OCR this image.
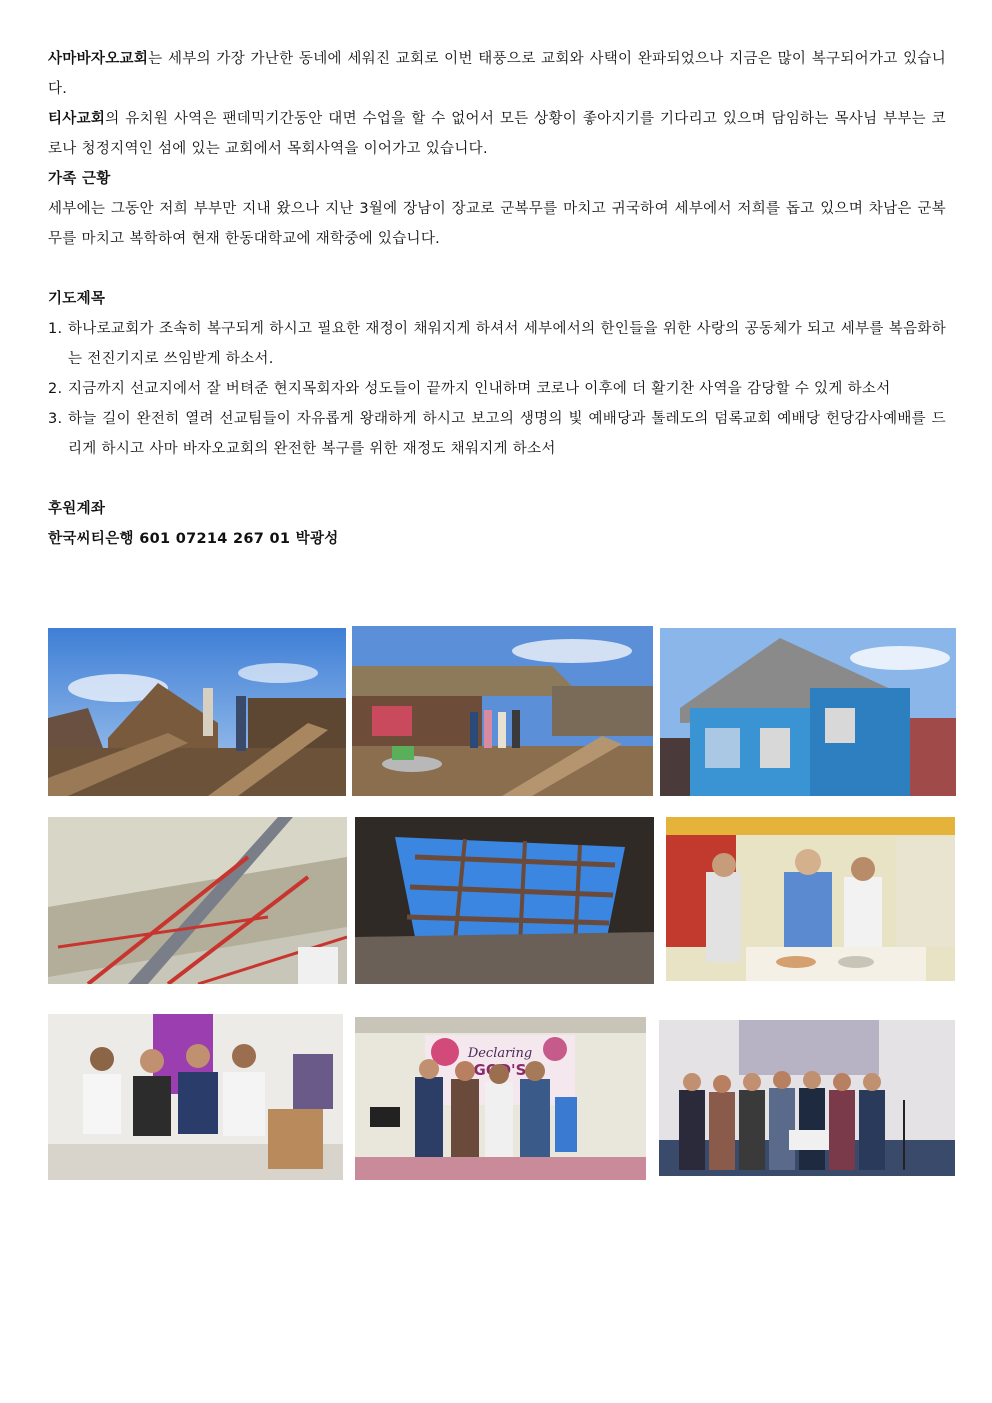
사마바자오교회는 세부의 가장 가난한 동네에 세워진 교회로 이번 태풍으로 교회와 사택이 완파되었으나 지금은 많이 복구되어가고 있습니다.

티사교회의 유치원 사역은 팬데믹기간동안 대면 수업을 할 수 없어서 모든 상황이 좋아지기를 기다리고 있으며 담임하는 목사님 부부는 코로나 청정지역인 섬에 있는 교회에서 목회사역을 이어가고 있습니다.

가족 근황

세부에는 그동안 저희 부부만 지내 왔으나 지난 3월에 장남이 장교로 군복무를 마치고 귀국하여 세부에서 저희를 돕고 있으며 차남은 군복무를 마치고 복학하여 현재 한동대학교에 재학중에 있습니다.

기도제목

1. 하나로교회가 조속히 복구되게 하시고 필요한 재정이 채워지게 하셔서 세부에서의 한인들을 위한 사랑의 공동체가 되고 세부를 복음화하는 전진기지로 쓰임받게 하소서.
2. 지금까지 선교지에서 잘 버텨준 현지목회자와 성도들이 끝까지 인내하며 코로나 이후에 더 활기찬 사역을 감당할 수 있게 하소서
3. 하늘 길이 완전히 열려 선교팀들이 자유롭게 왕래하게 하시고 보고의 생명의 빛 예배당과 톨레도의 덤록교회 예배당 헌당감사예배를 드리게 하시고 사마 바자오교회의 완전한 복구를 위한 재정도 채워지게 하소서

후원계좌

한국씨티은행 601 07214 267 01 박광성

Declaring
